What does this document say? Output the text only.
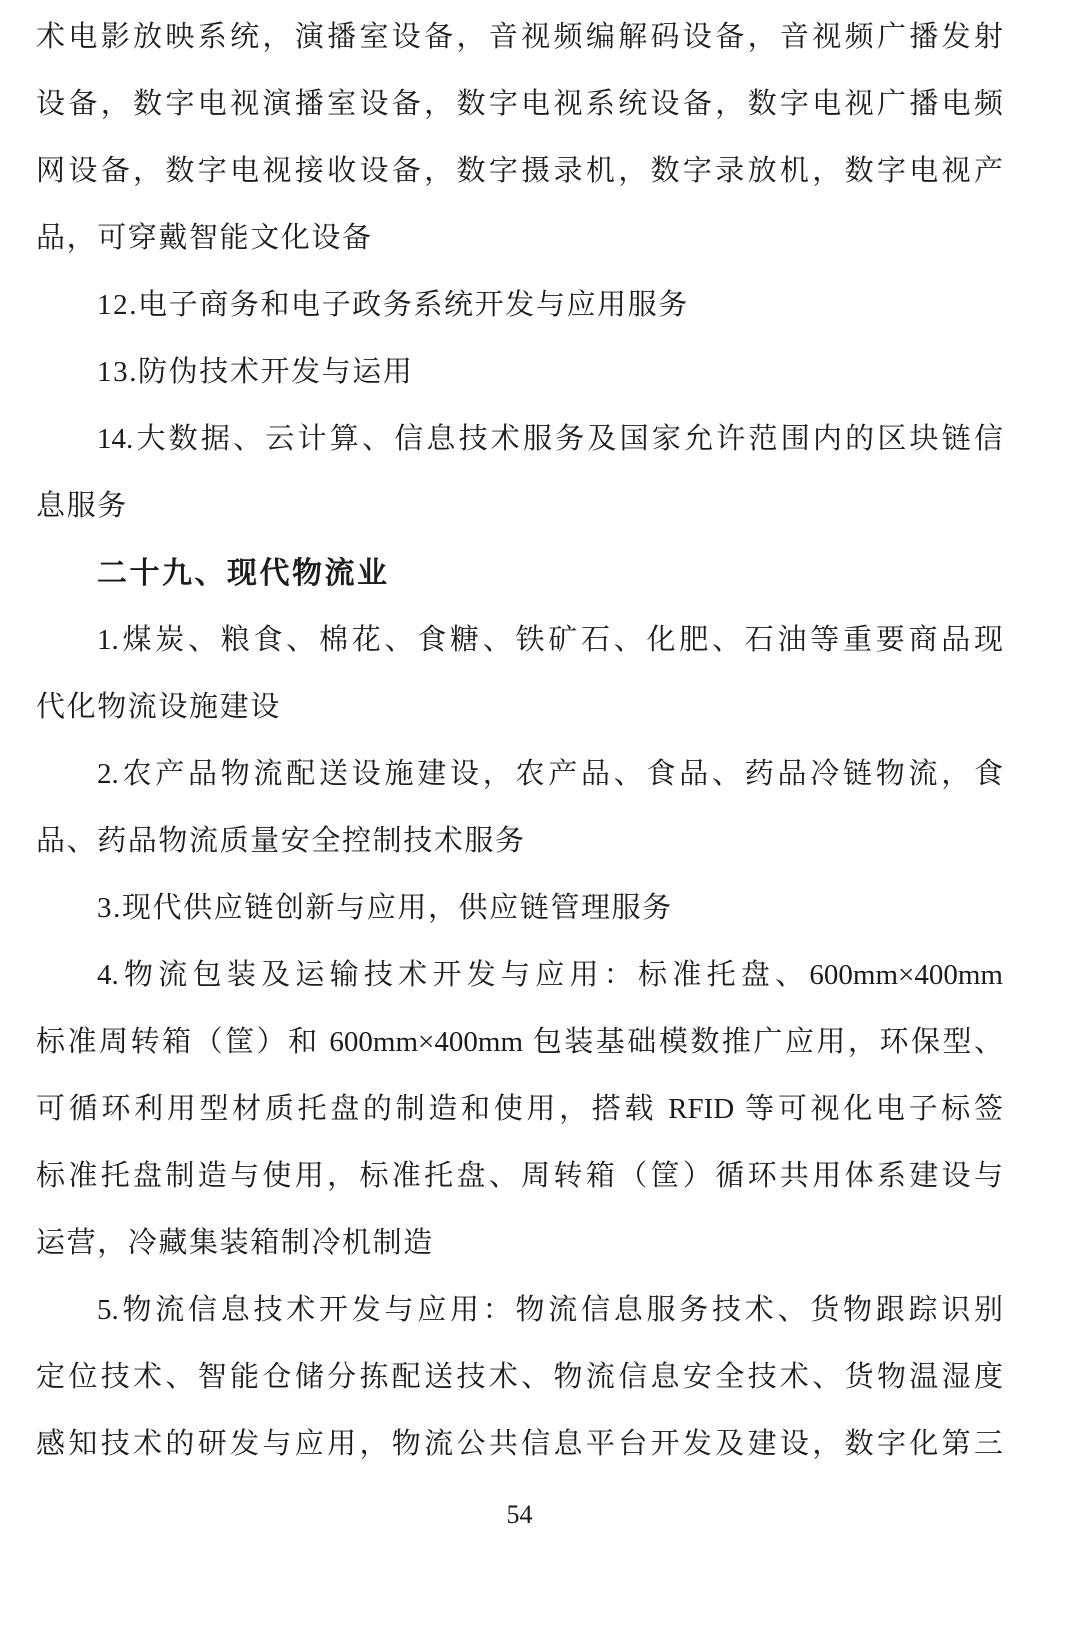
术电影放映系统，演播室设备，音视频编解码设备，音视频广播发射
设备，数字电视演播室设备，数字电视系统设备，数字电视广播电频
网设备，数字电视接收设备，数字摄录机，数字录放机，数字电视产
品，可穿戴智能文化设备
12.电子商务和电子政务系统开发与应用服务
13.防伪技术开发与运用
14.大数据、云计算、信息技术服务及国家允许范围内的区块链信
息服务
二十九、现代物流业
1.煤炭、粮食、棉花、食糖、铁矿石、化肥、石油等重要商品现
代化物流设施建设
2.农产品物流配送设施建设，农产品、食品、药品冷链物流，食
品、药品物流质量安全控制技术服务
3.现代供应链创新与应用，供应链管理服务
4.物流包装及运输技术开发与应用：标准托盘、600mm×400mm
标准周转箱（筐）和 600mm×400mm 包装基础模数推广应用，环保型、
可循环利用型材质托盘的制造和使用，搭载 RFID 等可视化电子标签
标准托盘制造与使用，标准托盘、周转箱（筐）循环共用体系建设与
运营，冷藏集装箱制冷机制造
5.物流信息技术开发与应用：物流信息服务技术、货物跟踪识别
定位技术、智能仓储分拣配送技术、物流信息安全技术、货物温湿度
感知技术的研发与应用，物流公共信息平台开发及建设，数字化第三
54
